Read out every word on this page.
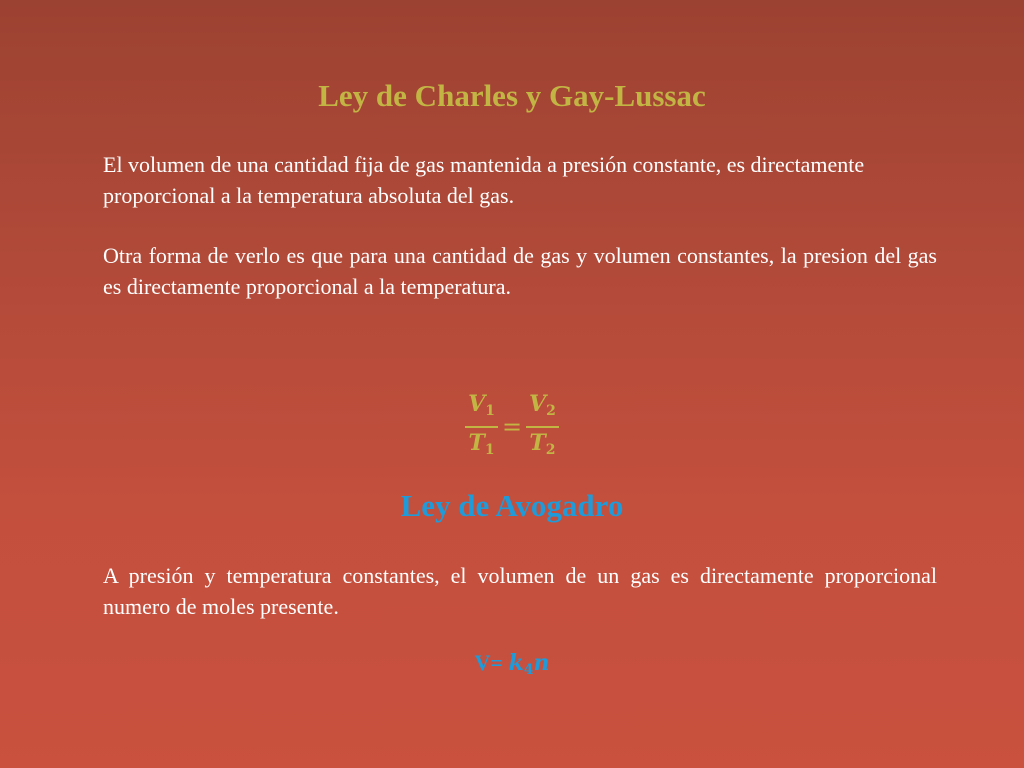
Ley de Charles y Gay-Lussac

El volumen de una cantidad fija de gas mantenida a presión constante, es directamente proporcional a la temperatura absoluta del gas.

Otra forma de verlo es que para una cantidad de gas y volumen constantes, la presion del gas es directamente proporcional a la temperatura.

$\frac{V_1}{T_1} = \frac{V_2}{T_2}$
Ley de Avogadro

A presión y temperatura constantes, el volumen de un gas es directamente proporcional numero de moles presente.

$V= k_4n$
